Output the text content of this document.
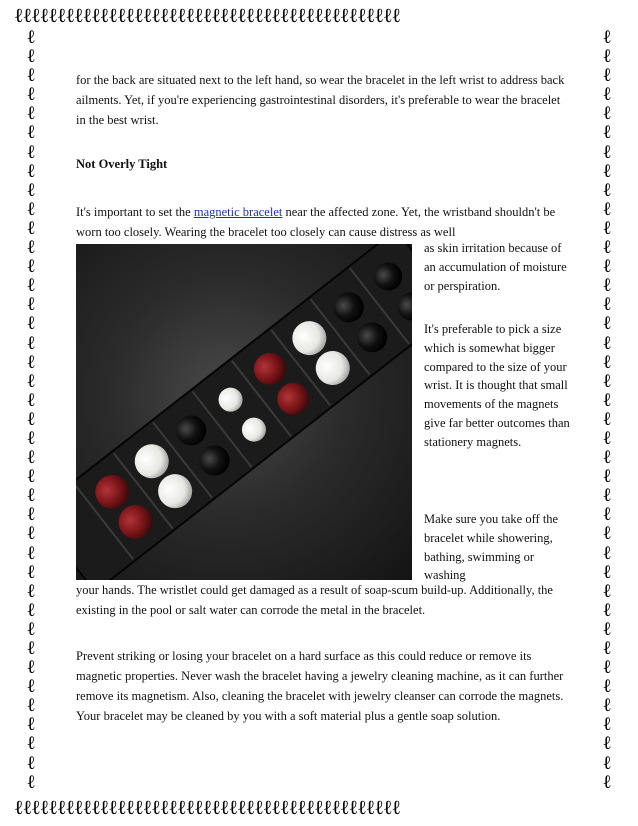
ℓℓℓℓℓℓℓℓℓℓℓℓℓℓℓℓℓℓℓℓℓℓℓℓℓℓℓℓℓℓℓℓℓℓℓℓℓℓℓℓℓℓℓℓℓ
ℓℓℓℓℓℓℓℓℓℓℓℓℓℓℓℓℓℓℓℓℓℓℓℓℓℓℓℓℓℓℓℓℓℓℓℓℓℓℓℓℓℓℓℓℓ
ℓ
ℓ
ℓ
ℓ
ℓ
ℓ
ℓ
ℓ
ℓ
ℓ
ℓ
ℓ
ℓ
ℓ
ℓ
ℓ
ℓ
ℓ
ℓ
ℓ
ℓ
ℓ
ℓ
ℓ
ℓ
ℓ
ℓ
ℓ
ℓ
ℓ
ℓ
ℓ
ℓ
ℓ
ℓ
ℓ
ℓ
ℓ
ℓ
ℓ
ℓ
ℓ
ℓ
ℓ
ℓ
ℓ
ℓ
ℓ
ℓ
ℓ
ℓ
ℓ
ℓ
ℓ
ℓ
ℓ
ℓ
ℓ
ℓ
ℓ
ℓ
ℓ
ℓ
ℓ
ℓ
ℓ
ℓ
ℓ
ℓ
ℓ
ℓ
ℓ
ℓ
ℓ
ℓ
ℓ
ℓ
ℓ
ℓ
ℓ

for the back are situated next to the left hand, so wear the bracelet in the left wrist to address back ailments. Yet, if you're experiencing gastrointestinal disorders, it's preferable to wear the bracelet in the best wrist.

Not Overly Tight

It's important to set the magnetic bracelet near the affected zone. Yet, the wristband shouldn't be worn too closely. Wearing the bracelet too closely can cause distress as well

as skin irritation because of an accumulation of moisture or perspiration.

It's preferable to pick a size which is somewhat bigger compared to the size of your wrist. It is thought that small movements of the magnets give far better outcomes than stationery magnets.

Make sure you take off the bracelet while showering, bathing, swimming or washing

your hands. The wristlet could get damaged as a result of soap-scum build-up. Additionally, the existing in the pool or salt water can corrode the metal in the bracelet.

Prevent striking or losing your bracelet on a hard surface as this could reduce or remove its magnetic properties. Never wash the bracelet having a jewelry cleaning machine, as it can further remove its magnetism. Also, cleaning the bracelet with jewelry cleanser can corrode the magnets. Your bracelet may be cleaned by you with a soft material plus a gentle soap solution.
